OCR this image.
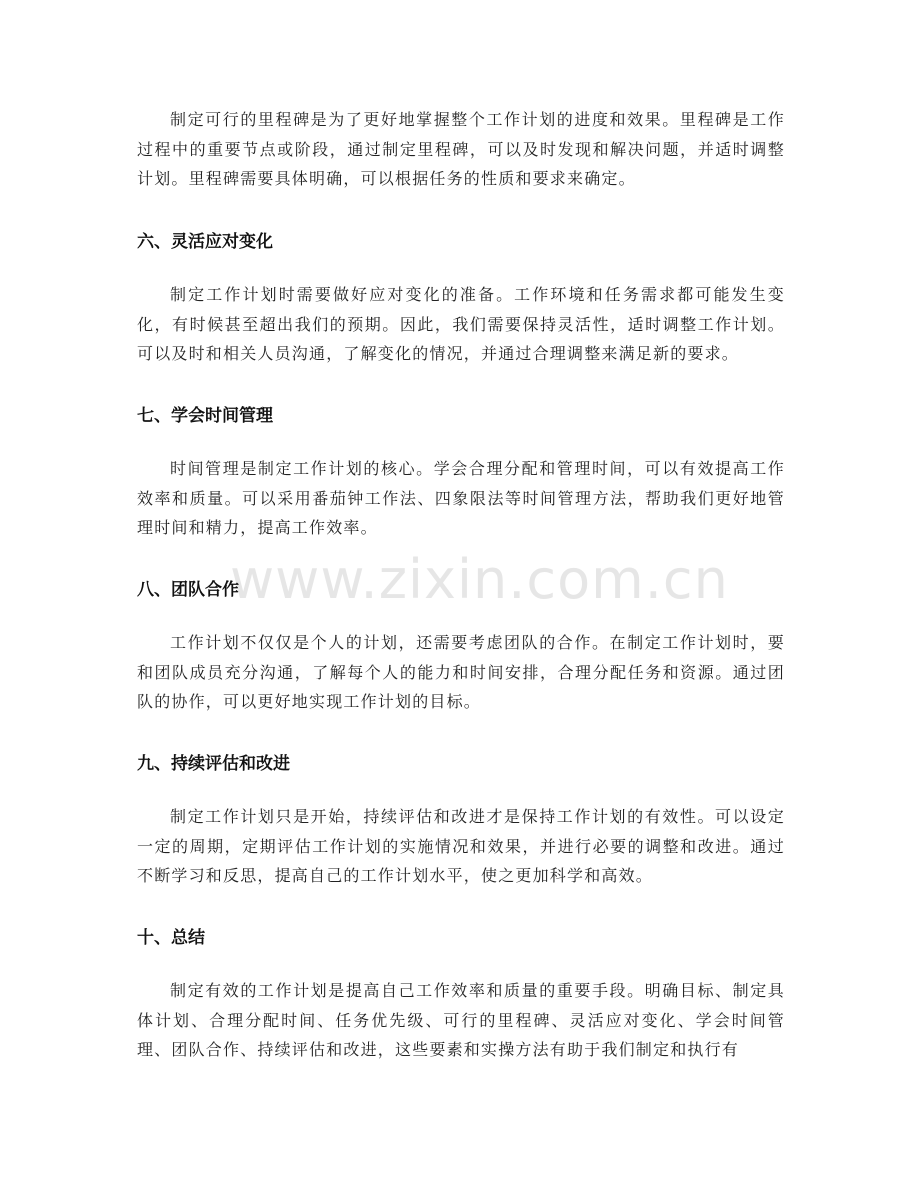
www.zixin.com.cn

制定可行的里程碑是为了更好地掌握整个工作计划的进度和效果。里程碑是工作过程中的重要节点或阶段，通过制定里程碑，可以及时发现和解决问题，并适时调整计划。里程碑需要具体明确，可以根据任务的性质和要求来确定。

六、灵活应对变化

制定工作计划时需要做好应对变化的准备。工作环境和任务需求都可能发生变化，有时候甚至超出我们的预期。因此，我们需要保持灵活性，适时调整工作计划。可以及时和相关人员沟通，了解变化的情况，并通过合理调整来满足新的要求。

七、学会时间管理

时间管理是制定工作计划的核心。学会合理分配和管理时间，可以有效提高工作效率和质量。可以采用番茄钟工作法、四象限法等时间管理方法，帮助我们更好地管理时间和精力，提高工作效率。

八、团队合作

工作计划不仅仅是个人的计划，还需要考虑团队的合作。在制定工作计划时，要和团队成员充分沟通，了解每个人的能力和时间安排，合理分配任务和资源。通过团队的协作，可以更好地实现工作计划的目标。

九、持续评估和改进

制定工作计划只是开始，持续评估和改进才是保持工作计划的有效性。可以设定一定的周期，定期评估工作计划的实施情况和效果，并进行必要的调整和改进。通过不断学习和反思，提高自己的工作计划水平，使之更加科学和高效。

十、总结

制定有效的工作计划是提高自己工作效率和质量的重要手段。明确目标、制定具体计划、合理分配时间、任务优先级、可行的里程碑、灵活应对变化、学会时间管理、团队合作、持续评估和改进，这些要素和实操方法有助于我们制定和执行有
